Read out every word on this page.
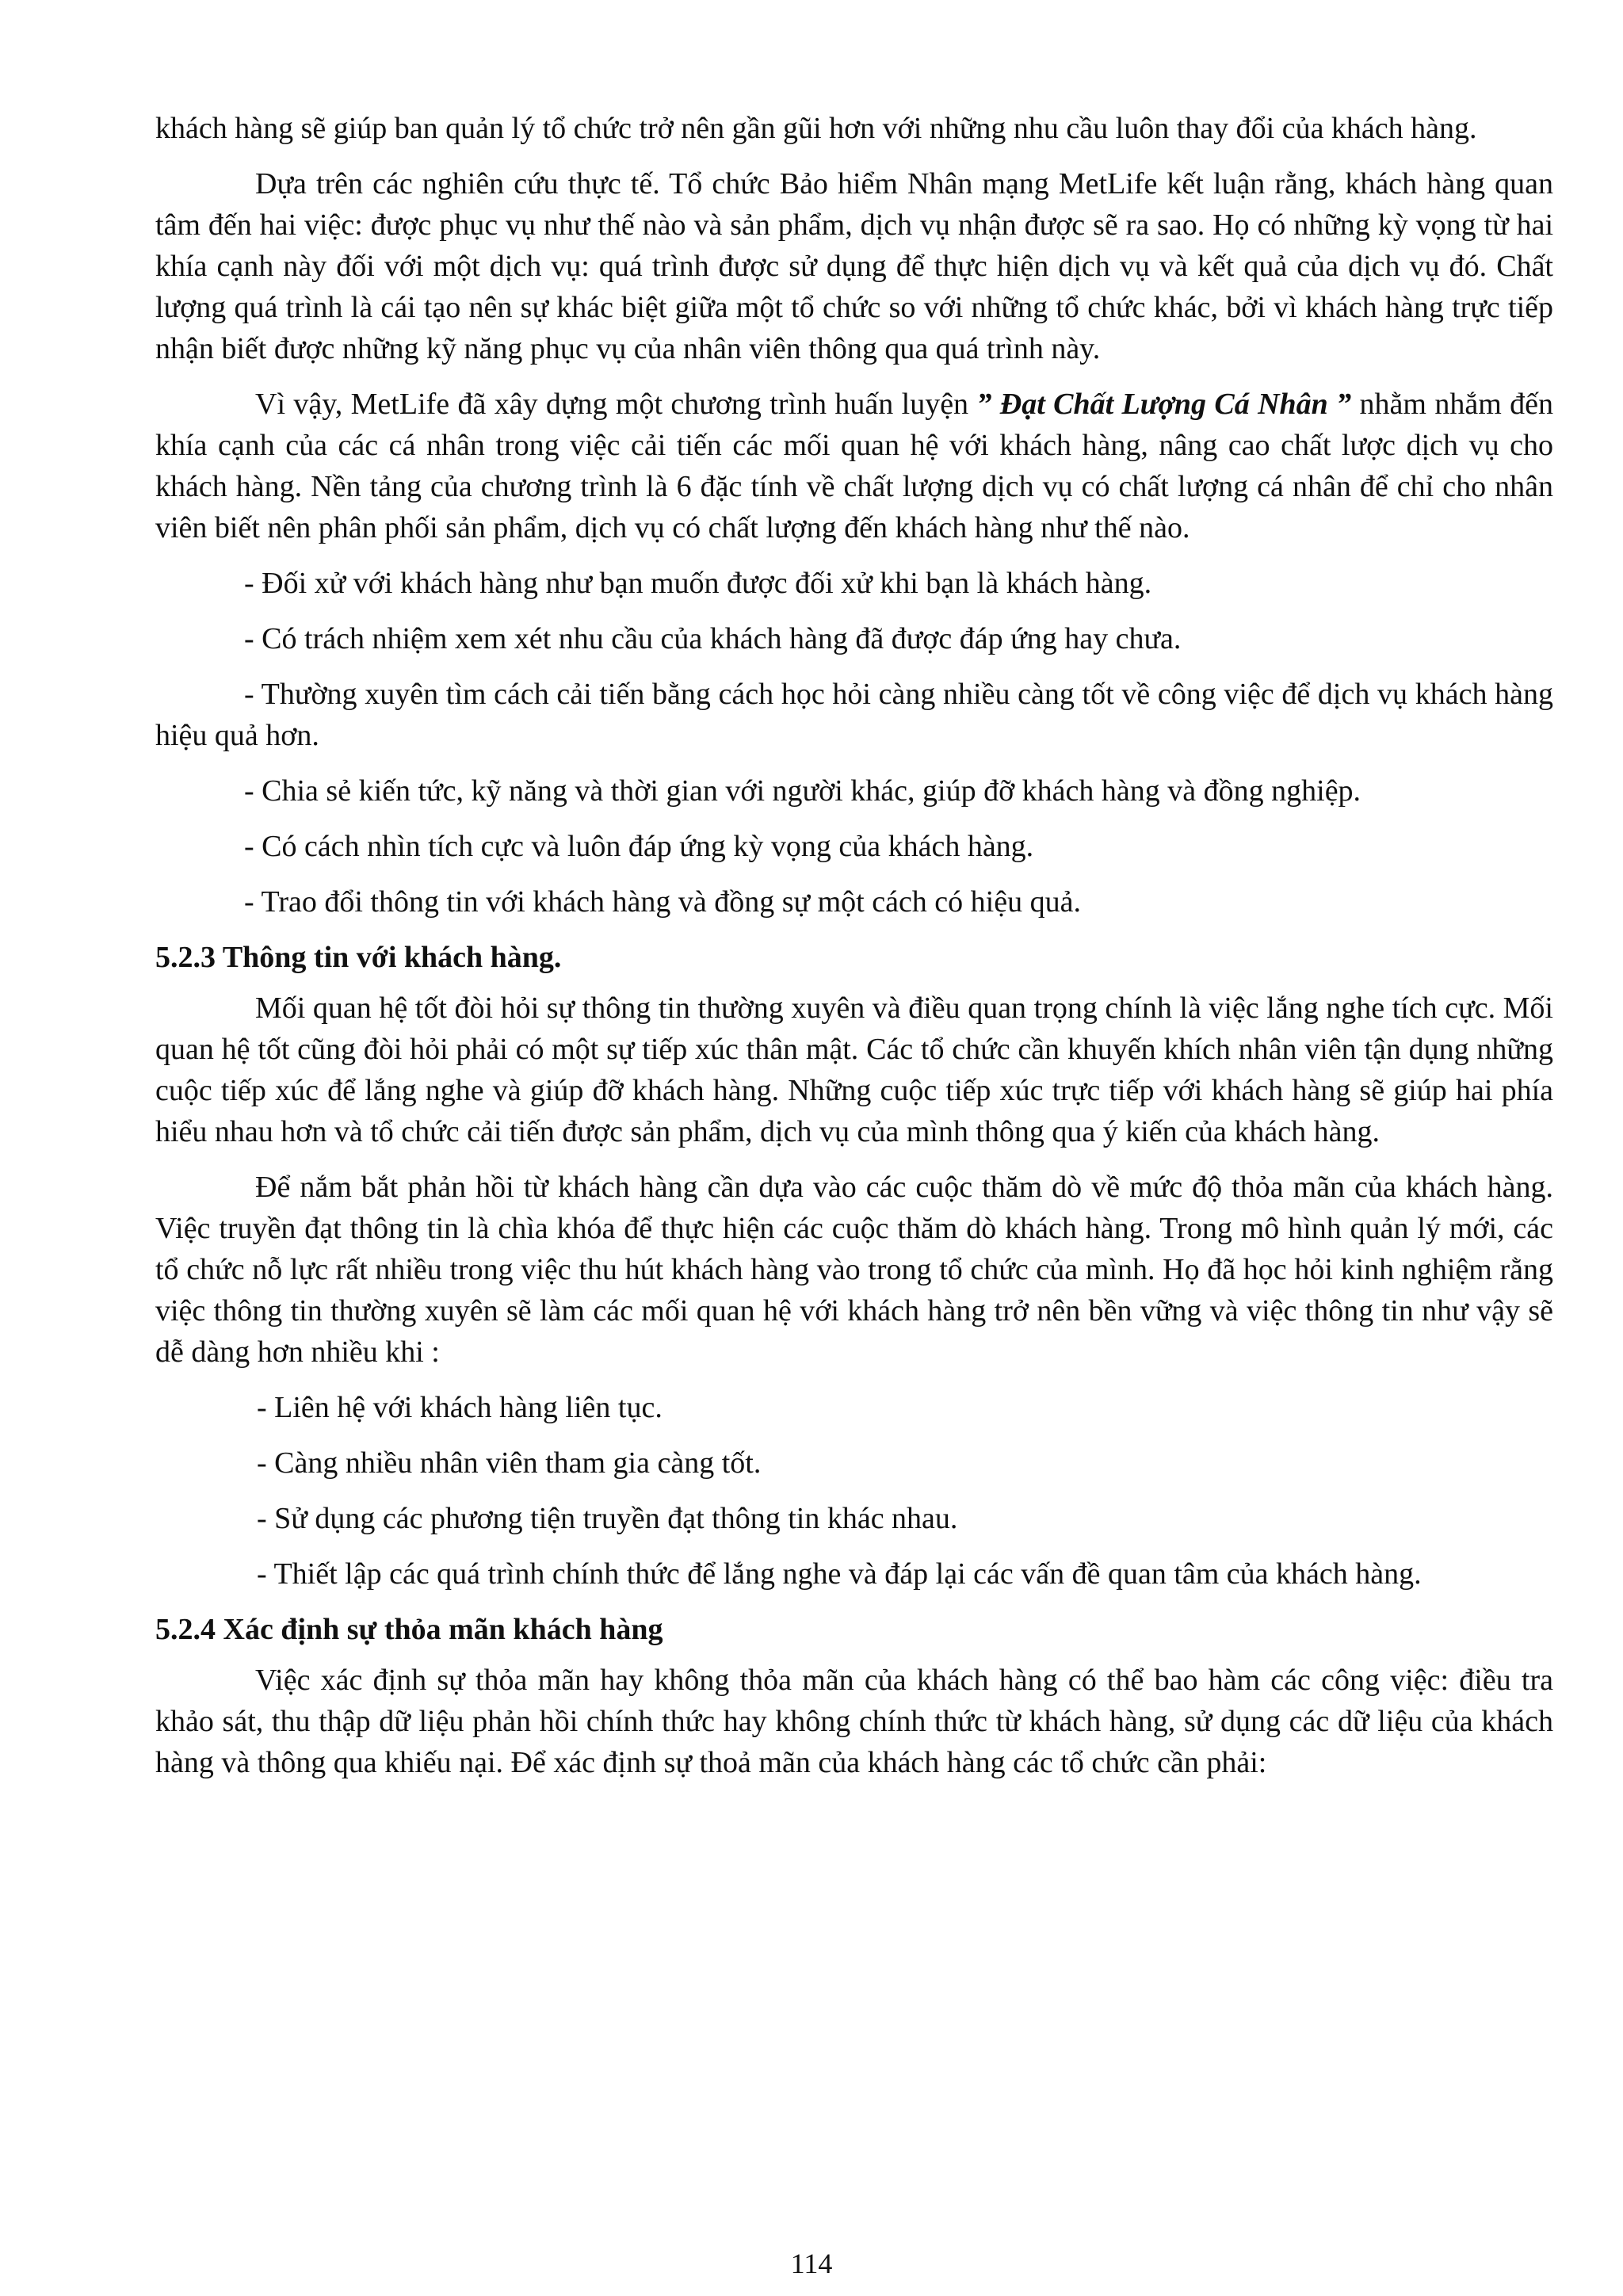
khách hàng sẽ giúp ban quản lý tổ chức trở nên gần gũi hơn với những nhu cầu luôn thay đổi của khách hàng.

Dựa trên các nghiên cứu thực tế. Tổ chức Bảo hiểm Nhân mạng MetLife kết luận rằng, khách hàng quan tâm đến hai việc: được phục vụ như thế nào và sản phẩm, dịch vụ nhận được sẽ ra sao. Họ có những kỳ vọng từ hai khía cạnh này đối với một dịch vụ: quá trình được sử dụng để thực hiện dịch vụ và kết quả của dịch vụ đó. Chất lượng quá trình là cái tạo nên sự khác biệt giữa một tổ chức so với những tổ chức khác, bởi vì khách hàng trực tiếp nhận biết được những kỹ năng phục vụ của nhân viên thông qua quá trình này.

Vì vậy, MetLife đã xây dựng một chương trình huấn luyện ” Đạt Chất Lượng Cá Nhân ” nhằm nhắm đến khía cạnh của các cá nhân trong việc cải tiến các mối quan hệ với khách hàng, nâng cao chất lược dịch vụ cho khách hàng. Nền tảng của chương trình là 6 đặc tính về chất lượng dịch vụ có chất lượng cá nhân để chỉ cho nhân viên biết nên phân phối sản phẩm, dịch vụ có chất lượng đến khách hàng như thế nào.

- Đối xử với khách hàng như bạn muốn được đối xử khi bạn là khách hàng.

- Có trách nhiệm xem xét nhu cầu của khách hàng đã được đáp ứng hay chưa.

- Thường xuyên tìm cách cải tiến bằng cách học hỏi càng nhiều càng tốt về công việc để dịch vụ khách hàng hiệu quả hơn.

- Chia sẻ kiến tức, kỹ năng và thời gian với người khác, giúp đỡ khách hàng và đồng nghiệp.

- Có cách nhìn tích cực và luôn đáp ứng kỳ vọng của khách hàng.

- Trao đổi thông tin với khách hàng và đồng sự một cách có hiệu quả.

5.2.3 Thông tin với khách hàng.

Mối quan hệ tốt đòi hỏi sự thông tin thường xuyên và điều quan trọng chính là việc lắng nghe tích cực. Mối quan hệ tốt cũng đòi hỏi phải có một sự tiếp xúc thân mật. Các tổ chức cần khuyến khích nhân viên tận dụng những cuộc tiếp xúc để lắng nghe và giúp đỡ khách hàng. Những cuộc tiếp xúc trực tiếp với khách hàng sẽ giúp hai phía hiểu nhau hơn và tổ chức cải tiến được sản phẩm, dịch vụ của mình thông qua ý kiến của khách hàng.

Để nắm bắt phản hồi từ khách hàng cần dựa vào các cuộc thăm dò về mức độ thỏa mãn của khách hàng. Việc truyền đạt thông tin là chìa khóa để thực hiện các cuộc thăm dò khách hàng. Trong mô hình quản lý mới, các tổ chức nỗ lực rất nhiều trong việc thu hút khách hàng vào trong tổ chức của mình. Họ đã học hỏi kinh nghiệm rằng việc thông tin thường xuyên sẽ làm các mối quan hệ với khách hàng trở nên bền vững và việc thông tin như vậy sẽ dễ dàng hơn nhiều khi :

- Liên hệ với khách hàng liên tục.

- Càng nhiều nhân viên tham gia càng tốt.

- Sử dụng các phương tiện truyền đạt thông tin khác nhau.

- Thiết lập các quá trình chính thức để lắng nghe và đáp lại các vấn đề quan tâm của khách hàng.

5.2.4 Xác định sự thỏa mãn khách hàng

Việc xác định sự thỏa mãn hay không thỏa mãn của khách hàng có thể bao hàm các công việc: điều tra khảo sát, thu thập dữ liệu phản hồi chính thức hay không chính thức từ khách hàng, sử dụng các dữ liệu của khách hàng và thông qua khiếu nại. Để xác định sự thoả mãn của khách hàng các tổ chức cần phải:

114
